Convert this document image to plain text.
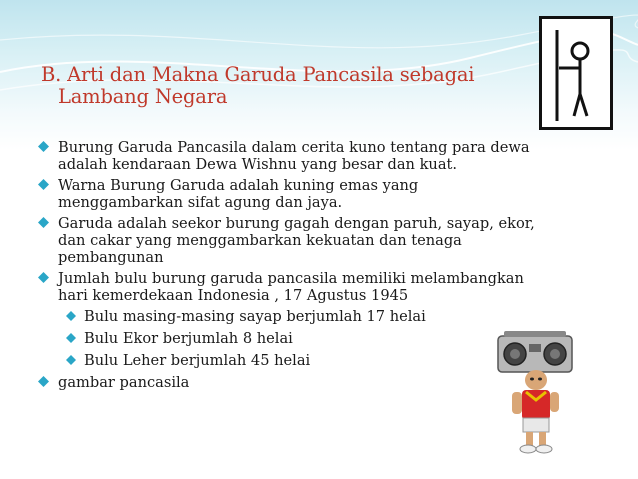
B. Arti dan Makna Garuda Pancasila sebagai
Lambang Negara
Burung Garuda Pancasila dalam cerita kuno tentang para dewa
adalah kendaraan Dewa Wishnu yang besar dan kuat.
Warna Burung Garuda adalah kuning emas yang
menggambarkan sifat agung dan jaya.
Garuda adalah seekor burung gagah dengan paruh, sayap, ekor,
dan cakar yang menggambarkan kekuatan dan tenaga
pembangunan
Jumlah bulu burung garuda pancasila memiliki melambangkan
hari kemerdekaan Indonesia , 17 Agustus 1945
Bulu masing-masing sayap berjumlah 17 helai
Bulu Ekor berjumlah 8 helai
Bulu Leher berjumlah 45 helai
gambar pancasila
